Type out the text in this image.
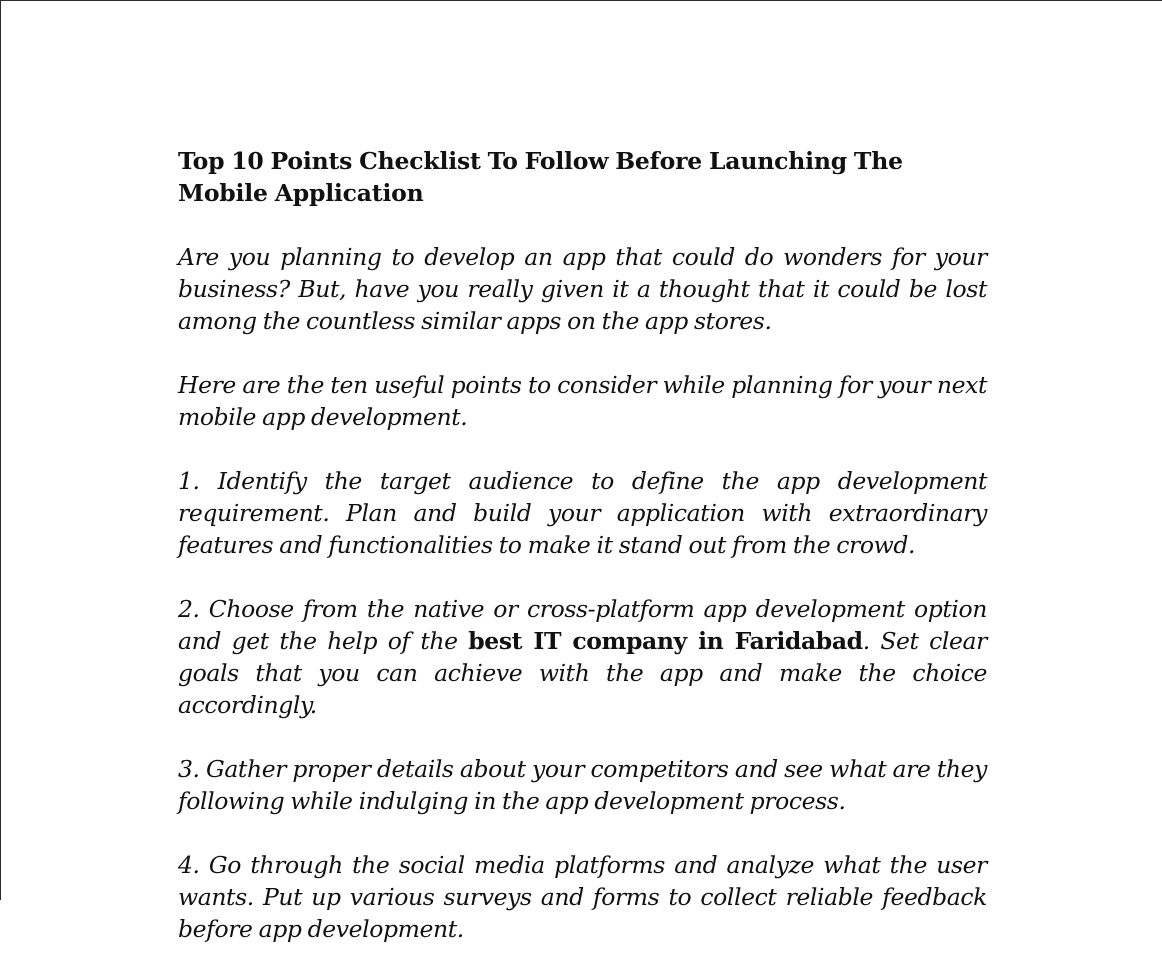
Top 10 Points Checklist To Follow Before Launching The Mobile Application

Are you planning to develop an app that could do wonders for your business? But, have you really given it a thought that it could be lost among the countless similar apps on the app stores.

Here are the ten useful points to consider while planning for your next mobile app development.

1. Identify the target audience to define the app development requirement. Plan and build your application with extraordinary features and functionalities to make it stand out from the crowd.

2. Choose from the native or cross-platform app development option and get the help of the best IT company in Faridabad. Set clear goals that you can achieve with the app and make the choice accordingly.

3. Gather proper details about your competitors and see what are they following while indulging in the app development process.

4. Go through the social media platforms and analyze what the user wants. Put up various surveys and forms to collect reliable feedback before app development.
